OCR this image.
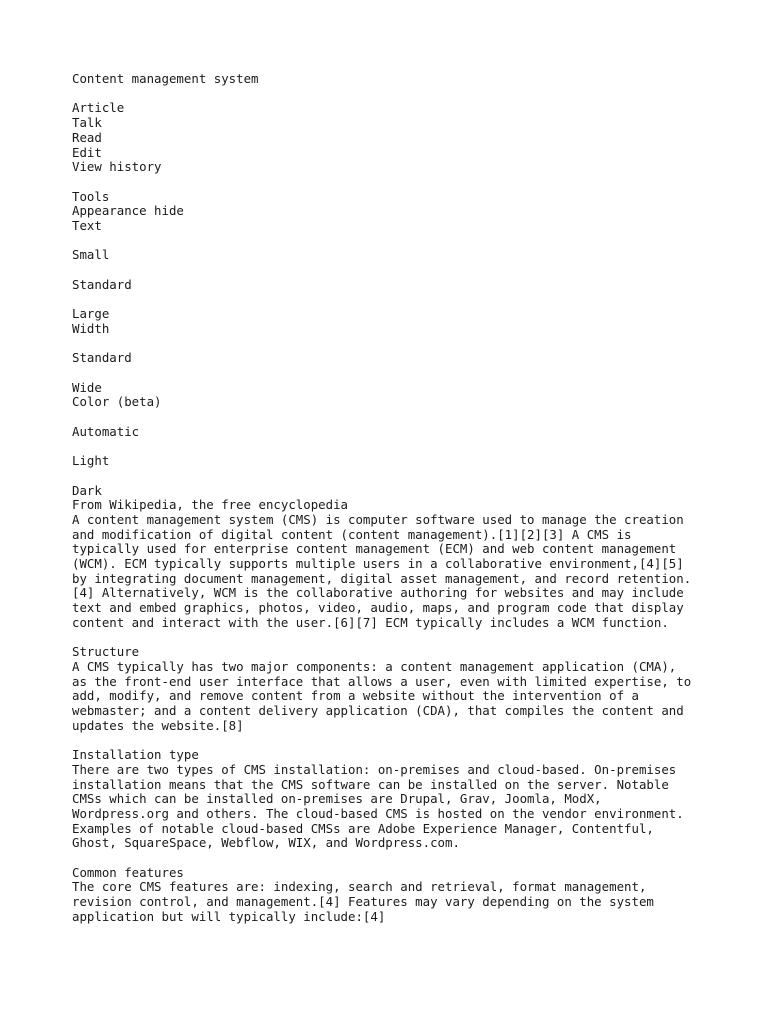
Content management system
Article
Talk
Read
Edit
View history
Tools
Appearance hide
Text
Small
Standard
Large
Width
Standard
Wide
Color (beta)
Automatic
Light
Dark
From Wikipedia, the free encyclopedia
A content management system (CMS) is computer software used to manage the creation
and modification of digital content (content management).[1][2][3] A CMS is
typically used for enterprise content management (ECM) and web content management
(WCM). ECM typically supports multiple users in a collaborative environment,[4][5]
by integrating document management, digital asset management, and record retention.
[4] Alternatively, WCM is the collaborative authoring for websites and may include
text and embed graphics, photos, video, audio, maps, and program code that display
content and interact with the user.[6][7] ECM typically includes a WCM function.
Structure
A CMS typically has two major components: a content management application (CMA),
as the front-end user interface that allows a user, even with limited expertise, to
add, modify, and remove content from a website without the intervention of a
webmaster; and a content delivery application (CDA), that compiles the content and
updates the website.[8]
Installation type
There are two types of CMS installation: on-premises and cloud-based. On-premises
installation means that the CMS software can be installed on the server. Notable
CMSs which can be installed on-premises are Drupal, Grav, Joomla, ModX,
Wordpress.org and others. The cloud-based CMS is hosted on the vendor environment.
Examples of notable cloud-based CMSs are Adobe Experience Manager, Contentful,
Ghost, SquareSpace, Webflow, WIX, and Wordpress.com.
Common features
The core CMS features are: indexing, search and retrieval, format management,
revision control, and management.[4] Features may vary depending on the system
application but will typically include:[4]
